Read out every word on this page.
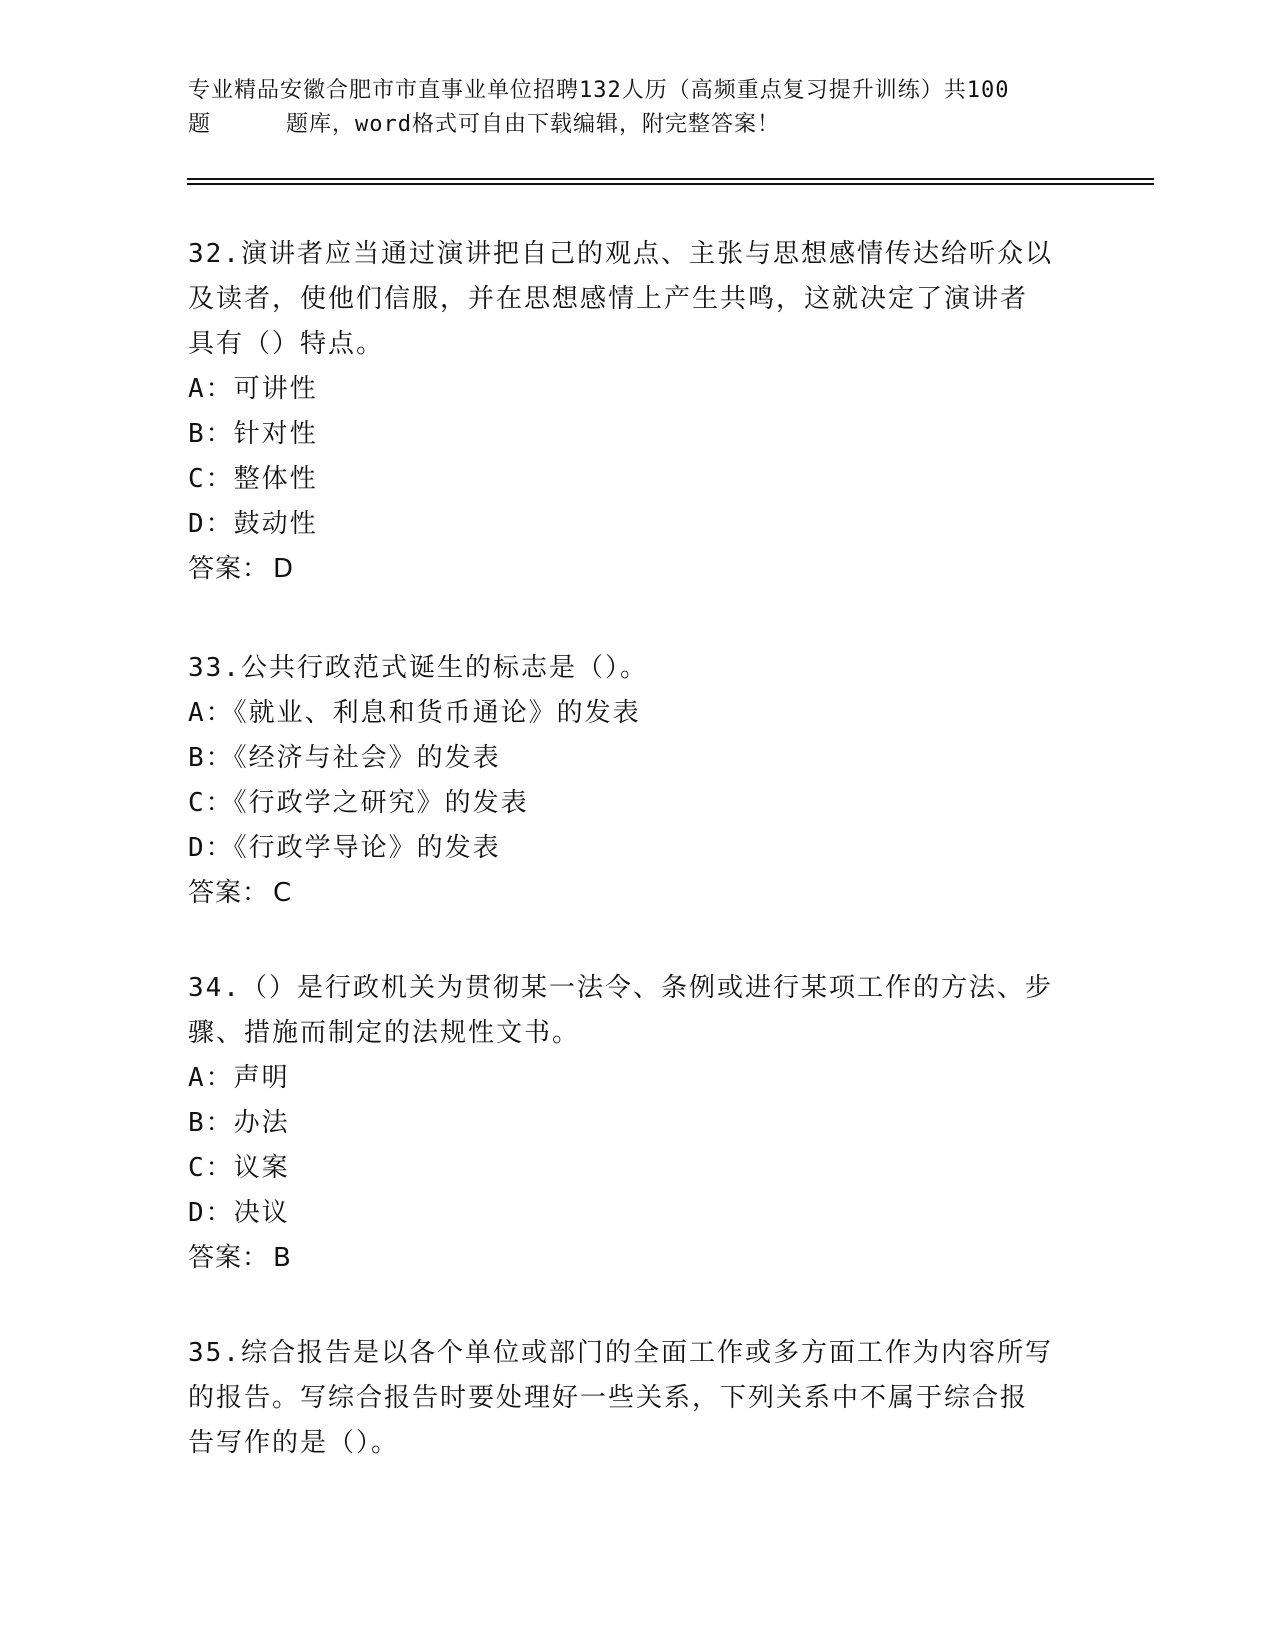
专业精品安徽合肥市市直事业单位招聘132人历（高频重点复习提升训练）共100
题	题库，word格式可自由下载编辑，附完整答案！
32.演讲者应当通过演讲把自己的观点、主张与思想感情传达给听众以
及读者，使他们信服，并在思想感情上产生共鸣，这就决定了演讲者
具有（）特点。
A：可讲性
B：针对性
C：整体性
D：鼓动性
答案： D
33.公共行政范式诞生的标志是（）。
A：《就业、利息和货币通论》的发表
B：《经济与社会》的发表
C：《行政学之研究》的发表
D：《行政学导论》的发表
答案： C
34.（）是行政机关为贯彻某一法令、条例或进行某项工作的方法、步
骤、措施而制定的法规性文书。
A：声明
B：办法
C：议案
D：决议
答案： B
35.综合报告是以各个单位或部门的全面工作或多方面工作为内容所写
的报告。写综合报告时要处理好一些关系，下列关系中不属于综合报
告写作的是（）。
